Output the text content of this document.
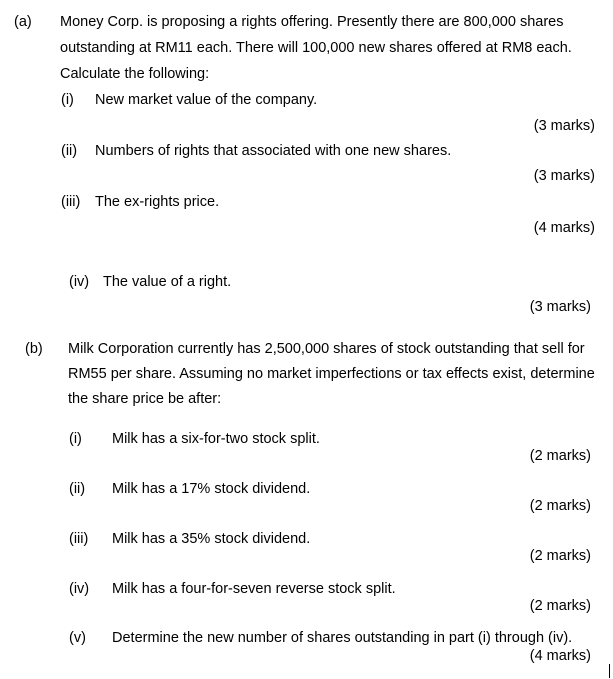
(a) Money Corp. is proposing a rights offering. Presently there are 800,000 shares
outstanding at RM11 each. There will 100,000 new shares offered at RM8 each.
Calculate the following:
(i) New market value of the company.
(3 marks)
(ii) Numbers of rights that associated with one new shares.
(3 marks)
(iii) The ex-rights price.
(4 marks)
(iv) The value of a right.
(3 marks)
(b) Milk Corporation currently has 2,500,000 shares of stock outstanding that sell for
RM55 per share. Assuming no market imperfections or tax effects exist, determine
the share price be after:
(i) Milk has a six-for-two stock split.
(2 marks)
(ii) Milk has a 17% stock dividend.
(2 marks)
(iii) Milk has a 35% stock dividend.
(2 marks)
(iv) Milk has a four-for-seven reverse stock split.
(2 marks)
(v) Determine the new number of shares outstanding in part (i) through (iv).
(4 marks)
